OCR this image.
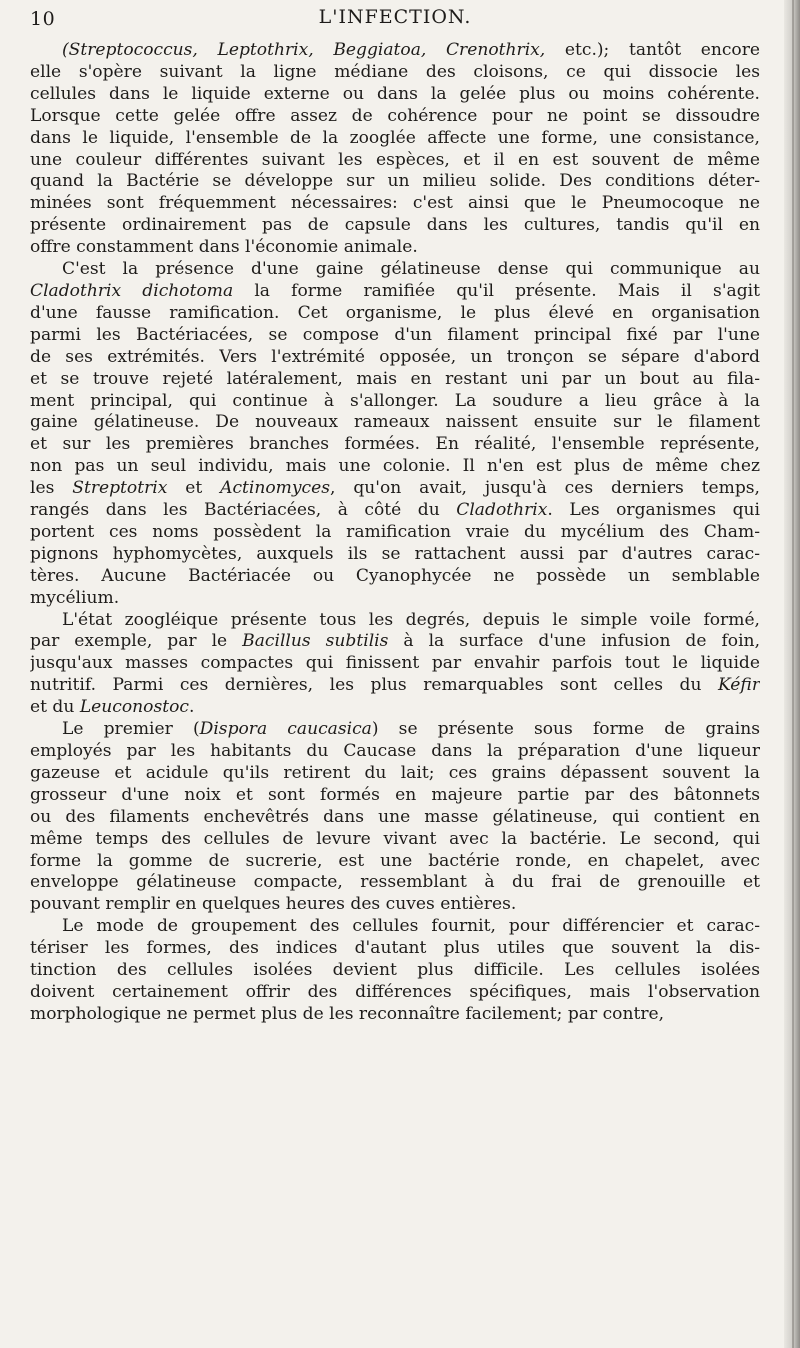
10	L'INFECTION.

(Streptococcus, Leptothrix, Beggiatoa, Crenothrix, etc.); tantôt encore
elle s'opère suivant la ligne médiane des cloisons, ce qui dissocie les
cellules dans le liquide externe ou dans la gelée plus ou moins cohérente.
Lorsque cette gelée offre assez de cohérence pour ne point se dissoudre
dans le liquide, l'ensemble de la zooglée affecte une forme, une consistance,
une couleur différentes suivant les espèces, et il en est souvent de même
quand la Bactérie se développe sur un milieu solide. Des conditions déter-
minées sont fréquemment nécessaires: c'est ainsi que le Pneumocoque ne
présente ordinairement pas de capsule dans les cultures, tandis qu'il en
offre constamment dans l'économie animale.

C'est la présence d'une gaine gélatineuse dense qui communique au
Cladothrix dichotoma la forme ramifiée qu'il présente. Mais il s'agit
d'une fausse ramification. Cet organisme, le plus élevé en organisation
parmi les Bactériacées, se compose d'un filament principal fixé par l'une
de ses extrémités. Vers l'extrémité opposée, un tronçon se sépare d'abord
et se trouve rejeté latéralement, mais en restant uni par un bout au fila-
ment principal, qui continue à s'allonger. La soudure a lieu grâce à la
gaine gélatineuse. De nouveaux rameaux naissent ensuite sur le filament
et sur les premières branches formées. En réalité, l'ensemble représente,
non pas un seul individu, mais une colonie. Il n'en est plus de même chez
les Streptotrix et Actinomyces, qu'on avait, jusqu'à ces derniers temps,
rangés dans les Bactériacées, à côté du Cladothrix. Les organismes qui
portent ces noms possèdent la ramification vraie du mycélium des Cham-
pignons hyphomycètes, auxquels ils se rattachent aussi par d'autres carac-
tères. Aucune Bactériacée ou Cyanophycée ne possède un semblable
mycélium.

L'état zoogléique présente tous les degrés, depuis le simple voile formé,
par exemple, par le Bacillus subtilis à la surface d'une infusion de foin,
jusqu'aux masses compactes qui finissent par envahir parfois tout le liquide
nutritif. Parmi ces dernières, les plus remarquables sont celles du Kéfir
et du Leuconostoc.

Le premier (Dispora caucasica) se présente sous forme de grains
employés par les habitants du Caucase dans la préparation d'une liqueur
gazeuse et acidule qu'ils retirent du lait; ces grains dépassent souvent la
grosseur d'une noix et sont formés en majeure partie par des bâtonnets
ou des filaments enchevêtrés dans une masse gélatineuse, qui contient en
même temps des cellules de levure vivant avec la bactérie. Le second, qui
forme la gomme de sucrerie, est une bactérie ronde, en chapelet, avec
enveloppe gélatineuse compacte, ressemblant à du frai de grenouille et
pouvant remplir en quelques heures des cuves entières.

Le mode de groupement des cellules fournit, pour différencier et carac-
tériser les formes, des indices d'autant plus utiles que souvent la dis-
tinction des cellules isolées devient plus difficile. Les cellules isolées
doivent certainement offrir des différences spécifiques, mais l'observation
morphologique ne permet plus de les reconnaître facilement; par contre,
